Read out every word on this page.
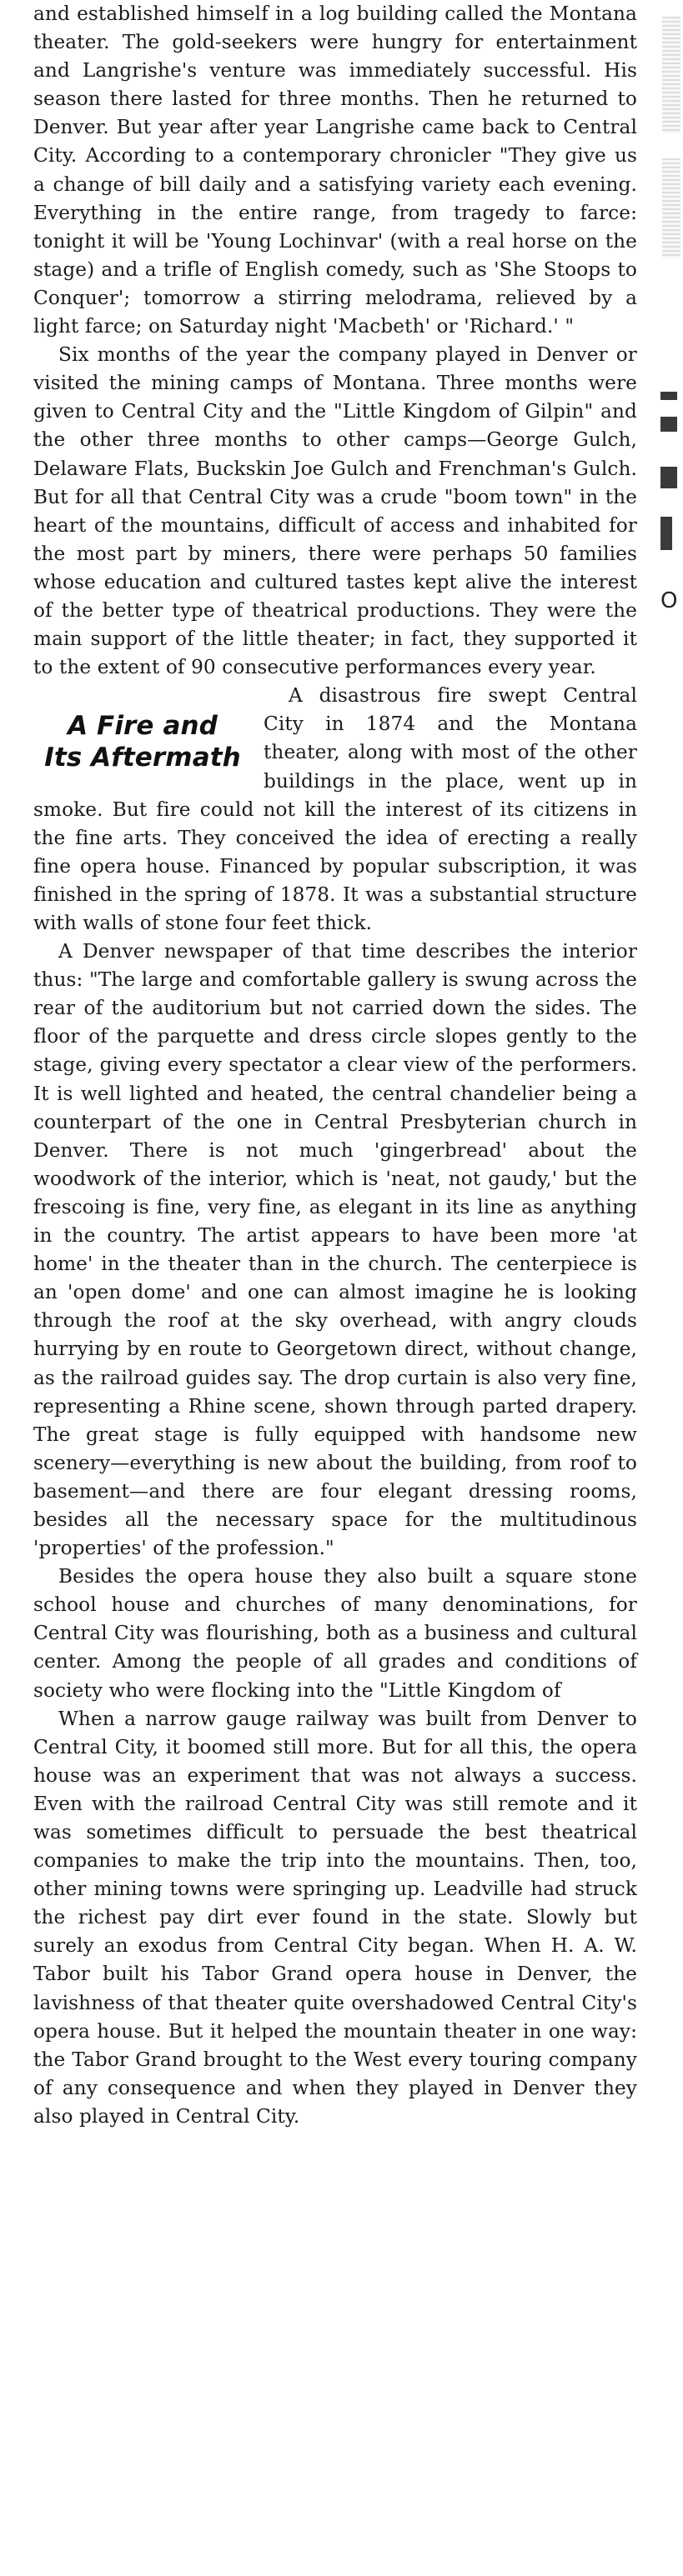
and established himself in a log building called the Montana theater. The gold-seekers were hungry for entertainment and Langrishe's venture was immediately successful. His season there lasted for three months. Then he returned to Denver. But year after year Langrishe came back to Central City. According to a contemporary chronicler "They give us a change of bill daily and a satisfying variety each evening. Everything in the entire range, from tragedy to farce: tonight it will be 'Young Lochinvar' (with a real horse on the stage) and a trifle of English comedy, such as 'She Stoops to Conquer'; tomorrow a stirring melodrama, relieved by a light farce; on Saturday night 'Macbeth' or 'Richard.' "

Six months of the year the company played in Denver or visited the mining camps of Montana. Three months were given to Central City and the "Little Kingdom of Gilpin" and the other three months to other camps—George Gulch, Delaware Flats, Buckskin Joe Gulch and Frenchman's Gulch. But for all that Central City was a crude "boom town" in the heart of the mountains, difficult of access and inhabited for the most part by miners, there were perhaps 50 families whose education and cultured tastes kept alive the interest of the better type of theatrical productions. They were the main support of the little theater; in fact, they supported it to the extent of 90 consecutive performances every year.

A Fire and
Its Aftermath

A disastrous fire swept Central City in 1874 and the Montana theater, along with most of the other buildings in the place, went up in smoke. But fire could not kill the interest of its citizens in the fine arts. They conceived the idea of erecting a really fine opera house. Financed by popular subscription, it was finished in the spring of 1878. It was a substantial structure with walls of stone four feet thick.

A Denver newspaper of that time describes the interior thus: "The large and comfortable gallery is swung across the rear of the auditorium but not carried down the sides. The floor of the parquette and dress circle slopes gently to the stage, giving every spectator a clear view of the performers. It is well lighted and heated, the central chandelier being a counterpart of the one in Central Presbyterian church in Denver. There is not much 'gingerbread' about the woodwork of the interior, which is 'neat, not gaudy,' but the frescoing is fine, very fine, as elegant in its line as anything in the country. The artist appears to have been more 'at home' in the theater than in the church. The centerpiece is an 'open dome' and one can almost imagine he is looking through the roof at the sky overhead, with angry clouds hurrying by en route to Georgetown direct, without change, as the railroad guides say. The drop curtain is also very fine, representing a Rhine scene, shown through parted drapery. The great stage is fully equipped with handsome new scenery—everything is new about the building, from roof to basement—and there are four elegant dressing rooms, besides all the necessary space for the multitudinous 'properties' of the profession."

Besides the opera house they also built a square stone school house and churches of many denominations, for Central City was flourishing, both as a business and cultural center. Among the people of all grades and conditions of society who were flocking into the "Little Kingdom of

When a narrow gauge railway was built from Denver to Central City, it boomed still more. But for all this, the opera house was an experiment that was not always a success. Even with the railroad Central City was still remote and it was sometimes difficult to persuade the best theatrical companies to make the trip into the mountains. Then, too, other mining towns were springing up. Leadville had struck the richest pay dirt ever found in the state. Slowly but surely an exodus from Central City began. When H. A. W. Tabor built his Tabor Grand opera house in Denver, the lavishness of that theater quite overshadowed Central City's opera house. But it helped the mountain theater in one way: the Tabor Grand brought to the West every touring company of any consequence and when they played in Denver they also played in Central City.

O
